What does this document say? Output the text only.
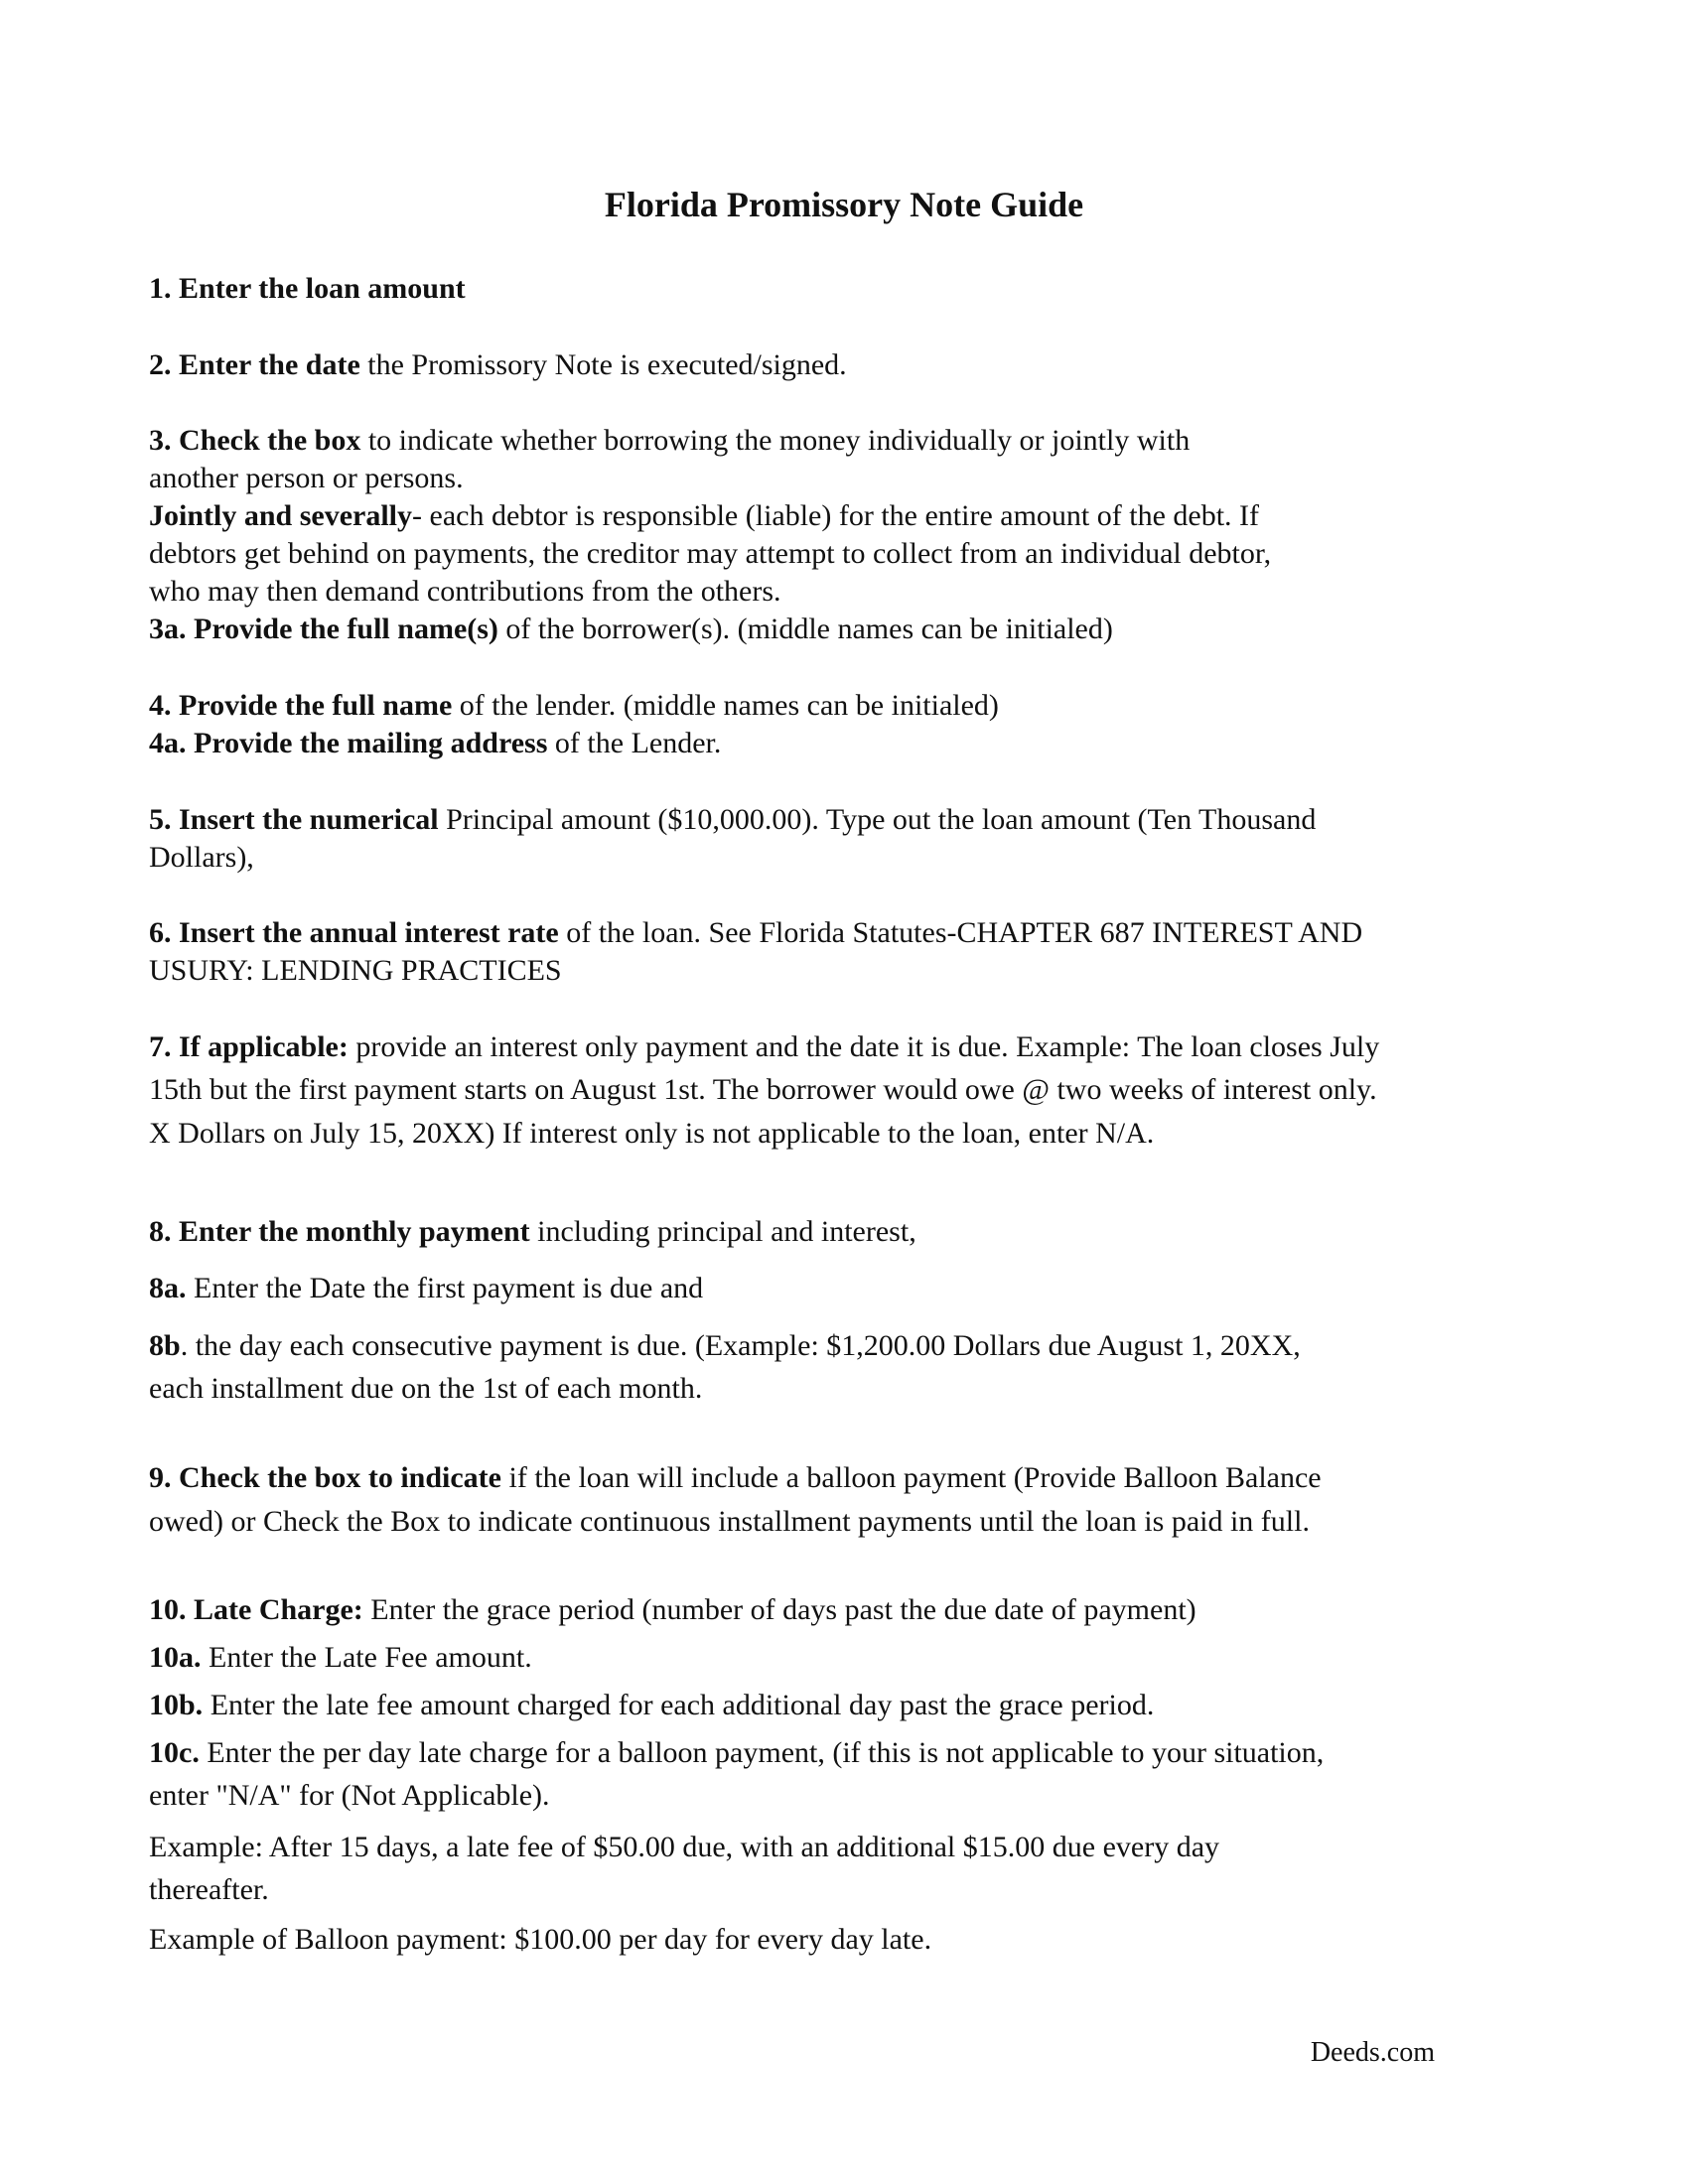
Florida Promissory Note Guide

1. Enter the loan amount

2. Enter the date the Promissory Note is executed/signed.

3. Check the box to indicate whether borrowing the money individually or jointly with

another person or persons.

Jointly and severally- each debtor is responsible (liable) for the entire amount of the debt. If

debtors get behind on payments, the creditor may attempt to collect from an individual debtor,

who may then demand contributions from the others.

3a. Provide the full name(s) of the borrower(s). (middle names can be initialed)

4. Provide the full name of the lender. (middle names can be initialed)

4a. Provide the mailing address of the Lender.

5. Insert the numerical Principal amount ($10,000.00). Type out the loan amount (Ten Thousand

Dollars),

6. Insert the annual interest rate of the loan. See Florida Statutes-CHAPTER 687 INTEREST AND

USURY: LENDING PRACTICES

7. If applicable: provide an interest only payment and the date it is due. Example: The loan closes July

15th but the first payment starts on August 1st. The borrower would owe @ two weeks of interest only.

X Dollars on July 15, 20XX) If interest only is not applicable to the loan, enter N/A.

8. Enter the monthly payment including principal and interest,

8a. Enter the Date the first payment is due and

8b. the day each consecutive payment is due. (Example: $1,200.00 Dollars due August 1, 20XX,

each installment due on the 1st of each month.

9. Check the box to indicate if the loan will include a balloon payment (Provide Balloon Balance

owed) or Check the Box to indicate continuous installment payments until the loan is paid in full.

10. Late Charge: Enter the grace period (number of days past the due date of payment)

10a. Enter the Late Fee amount.

10b. Enter the late fee amount charged for each additional day past the grace period.

10c. Enter the per day late charge for a balloon payment, (if this is not applicable to your situation,

enter "N/A" for (Not Applicable).

Example: After 15 days, a late fee of $50.00 due, with an additional $15.00 due every day

thereafter.

Example of Balloon payment: $100.00 per day for every day late.

Deeds.com
